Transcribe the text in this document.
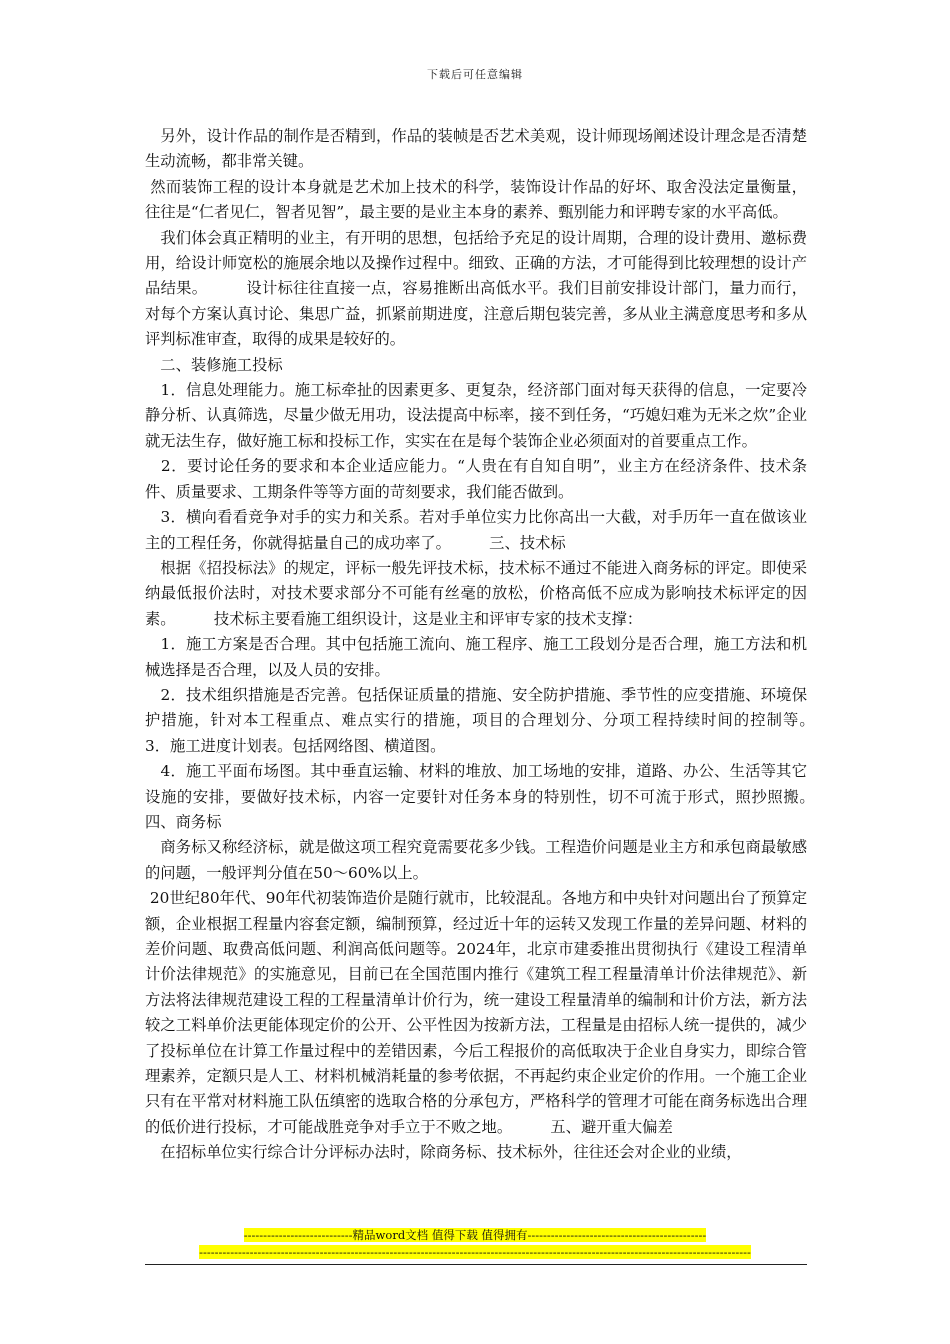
下载后可任意编辑

　另外，设计作品的制作是否精到，作品的装帧是否艺术美观，设计师现场阐述设计理念是否清楚生动流畅，都非常关键。

然而装饰工程的设计本身就是艺术加上技术的科学，装饰设计作品的好坏、取舍没法定量衡量，往往是“仁者见仁，智者见智”，最主要的是业主本身的素养、甄别能力和评聘专家的水平高低。

　我们体会真正精明的业主，有开明的思想，包括给予充足的设计周期，合理的设计费用、邀标费用，给设计师宽松的施展余地以及操作过程中。细致、正确的方法，才可能得到比较理想的设计产品结果。　　　设计标往往直接一点，容易推断出高低水平。我们目前安排设计部门，量力而行，对每个方案认真讨论、集思广益，抓紧前期进度，注意后期包装完善，多从业主满意度思考和多从评判标准审查，取得的成果是较好的。

　二、装修施工投标

　1．信息处理能力。施工标牵扯的因素更多、更复杂，经济部门面对每天获得的信息，一定要冷静分析、认真筛选，尽量少做无用功，设法提高中标率，接不到任务，“巧媳妇难为无米之炊”企业就无法生存，做好施工标和投标工作，实实在在是每个装饰企业必须面对的首要重点工作。

　2．要讨论任务的要求和本企业适应能力。“人贵在有自知自明”，业主方在经济条件、技术条件、质量要求、工期条件等等方面的苛刻要求，我们能否做到。

　3．横向看看竞争对手的实力和关系。若对手单位实力比你高出一大截，对手历年一直在做该业主的工程任务，你就得掂量自己的成功率了。　　　三、技术标

　根据《招投标法》的规定，评标一般先评技术标，技术标不通过不能进入商务标的评定。即使采纳最低报价法时，对技术要求部分不可能有丝毫的放松，价格高低不应成为影响技术标评定的因素。　　　技术标主要看施工组织设计，这是业主和评审专家的技术支撑：

　1．施工方案是否合理。其中包括施工流向、施工程序、施工工段划分是否合理，施工方法和机械选择是否合理，以及人员的安排。

　2．技术组织措施是否完善。包括保证质量的措施、安全防护措施、季节性的应变措施、环境保护措施，针对本工程重点、难点实行的措施，项目的合理划分、分项工程持续时间的控制等。　　　3．施工进度计划表。包括网络图、横道图。

　4．施工平面布场图。其中垂直运输、材料的堆放、加工场地的安排，道路、办公、生活等其它设施的安排，要做好技术标，内容一定要针对任务本身的特别性，切不可流于形式，照抄照搬。　　　四、商务标

　商务标又称经济标，就是做这项工程究竟需要花多少钱。工程造价问题是业主方和承包商最敏感的问题，一般评判分值在50～60%以上。

20世纪80年代、90年代初装饰造价是随行就市，比较混乱。各地方和中央针对问题出台了预算定额，企业根据工程量内容套定额，编制预算，经过近十年的运转又发现工作量的差异问题、材料的差价问题、取费高低问题、利润高低问题等。2024年，北京市建委推出贯彻执行《建设工程清单计价法律规范》的实施意见，目前已在全国范围内推行《建筑工程工程量清单计价法律规范》、新方法将法律规范建设工程的工程量清单计价行为，统一建设工程量清单的编制和计价方法，新方法较之工料单价法更能体现定价的公开、公平性因为按新方法，工程量是由招标人统一提供的，减少了投标单位在计算工作量过程中的差错因素，今后工程报价的高低取决于企业自身实力，即综合管理素养，定额只是人工、材料机械消耗量的参考依据，不再起约束企业定价的作用。一个施工企业只有在平常对材料施工队伍缜密的选取合格的分承包方，严格科学的管理才可能在商务标选出合理的低价进行投标，才可能战胜竞争对手立于不败之地。　　　五、避开重大偏差

　在招标单位实行综合计分评标办法时，除商务标、技术标外，往往还会对企业的业绩，

----------------------------精品word文档 值得下载 值得拥有----------------------------------------------
----------------------------------------------------------------------------------------------------------------------------------------------
